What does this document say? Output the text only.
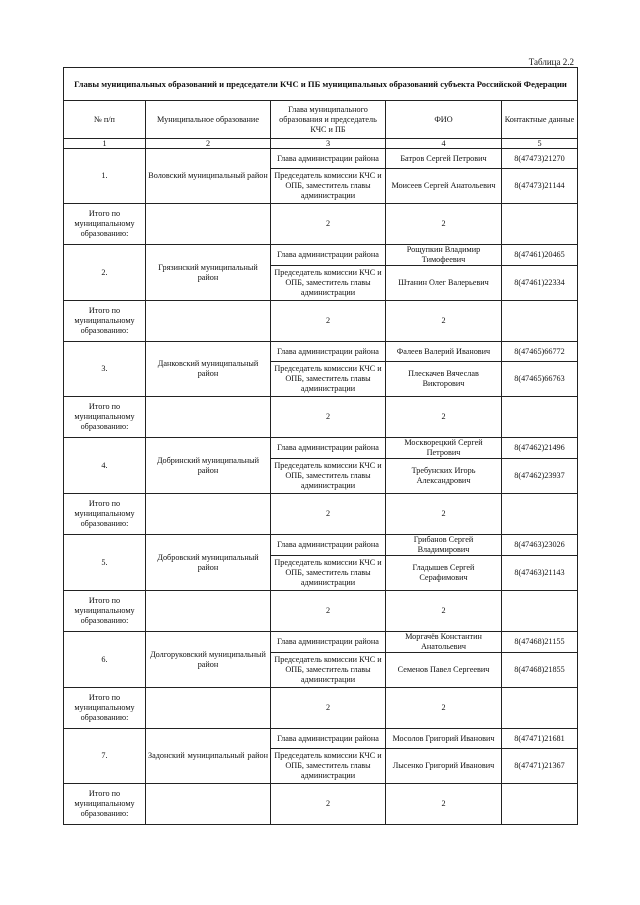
Таблица 2.2
Главы муниципальных образований и председатели КЧС и ПБ муниципальных образований субъекта Российской Федерации				
№ п/п	Муниципальное образование	Глава муниципального образования и председатель КЧС и ПБ	ФИО	Контактные данные
1	2	3	4	5
1.	Воловский муниципальный район	Глава администрации района	Батров Сергей Петрович	8(47473)21270
		Председатель комиссии КЧС и ОПБ, заместитель главы администрации	Моисеев Сергей Анатольевич	8(47473)21144
Итого по муниципальному образованию:		2	2	
2.	Грязинский муниципальный район	Глава администрации района	Рощупкин Владимир Тимофеевич	8(47461)20465
		Председатель комиссии КЧС и ОПБ, заместитель главы администрации	Штанин Олег Валерьевич	8(47461)22334
Итого по муниципальному образованию:		2	2	
3.	Данковский муниципальный район	Глава администрации района	Фалеев Валерий Иванович	8(47465)66772
		Председатель комиссии КЧС и ОПБ, заместитель главы администрации	Плескачев Вячеслав Викторович	8(47465)66763
Итого по муниципальному образованию:		2	2	
4.	Добринский муниципальный район	Глава администрации района	Москворецкий Сергей Петрович	8(47462)21496
		Председатель комиссии КЧС и ОПБ, заместитель главы администрации	Требунских Игорь Александрович	8(47462)23937
Итого по муниципальному образованию:		2	2	
5.	Добровский муниципальный район	Глава администрации района	Грибанов Сергей Владимирович	8(47463)23026
		Председатель комиссии КЧС и ОПБ, заместитель главы администрации	Гладышев Сергей Серафимович	8(47463)21143
Итого по муниципальному образованию:		2	2	
6.	Долгоруковский муниципальный район	Глава администрации района	Моргачёв Константин Анатольевич	8(47468)21155
		Председатель комиссии КЧС и ОПБ, заместитель главы администрации	Семенов Павел Сергеевич	8(47468)21855
Итого по муниципальному образованию:		2	2	
7.	Задонский муниципальный район	Глава администрации района	Мосолов Григорий Иванович	8(47471)21681
		Председатель комиссии КЧС и ОПБ, заместитель главы администрации	Лысенко Григорий Иванович	8(47471)21367
Итого по муниципальному образованию:		2	2	
